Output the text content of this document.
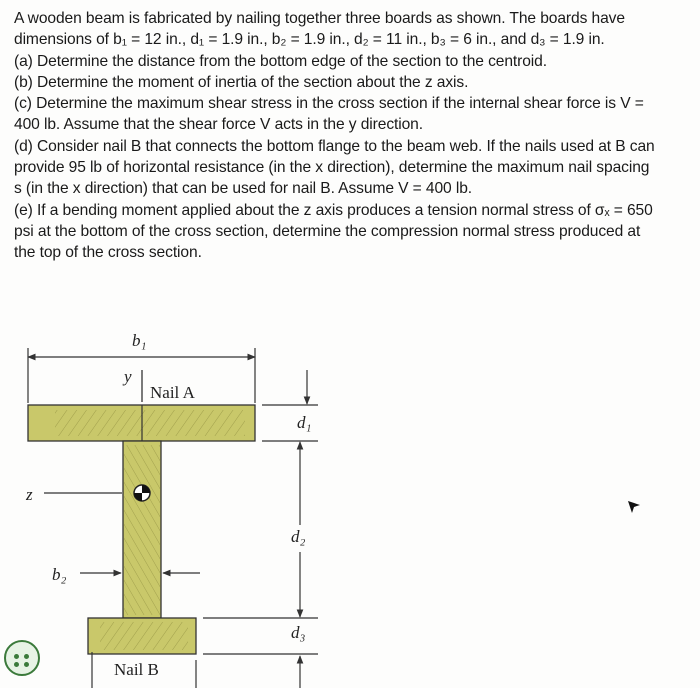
A wooden beam is fabricated by nailing together three boards as shown. The boards have
dimensions of b₁ = 12 in., d₁ = 1.9 in., b₂ = 1.9 in., d₂ = 11 in., b₃ = 6 in., and d₃ = 1.9 in.
(a) Determine the distance from the bottom edge of the section to the centroid.
(b) Determine the moment of inertia of the section about the z axis.
(c) Determine the maximum shear stress in the cross section if the internal shear force is V =
400 lb. Assume that the shear force V acts in the y direction.
(d) Consider nail B that connects the bottom flange to the beam web. If the nails used at B can
provide 95 lb of horizontal resistance (in the x direction), determine the maximum nail spacing
s (in the x direction) that can be used for nail B. Assume V = 400 lb.
(e) If a bending moment applied about the z axis produces a tension normal stress of σₓ = 650
psi at the bottom of the cross section, determine the compression normal stress produced at
the top of the cross section.
b₁
y
Nail A
z
b₂
Nail B
d₁
d₂
d₃
